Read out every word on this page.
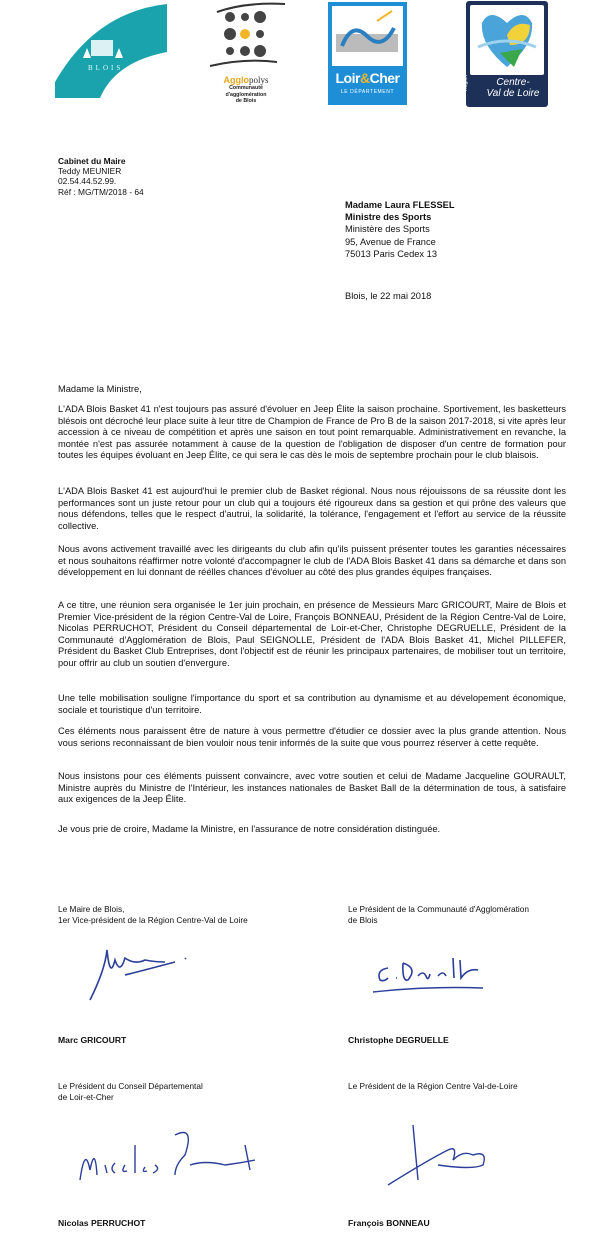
BLOIS
Agglopolys
Communauté
d'agglomération
de Blois
Loir&Cher
LE DÉPARTEMENT
Région	Centre-
Val de Loire
Cabinet du Maire
Teddy MEUNIER
02.54.44.52.99.
Réf : MG/TM/2018 - 64
Madame Laura FLESSEL
Ministre des Sports
Ministère des Sports
95, Avenue de France
75013 Paris Cedex 13
Blois, le 22 mai 2018
Madame la Ministre,

L'ADA Blois Basket 41 n'est toujours pas assuré d'évoluer en Jeep Élite la saison prochaine. Sportivement, les basketteurs blésois ont décroché leur place suite à leur titre de Champion de France de Pro B de la saison 2017-2018, si vite après leur accession à ce niveau de compétition et après une saison en tout point remarquable. Administrativement en revanche, la montée n'est pas assurée notamment à cause de la question de l'obligation de disposer d'un centre de formation pour toutes les équipes évoluant en Jeep Élite, ce qui sera le cas dès le mois de septembre prochain pour le club blaisois.

L'ADA Blois Basket 41 est aujourd'hui le premier club de Basket régional. Nous nous réjouissons de sa réussite dont les performances sont un juste retour pour un club qui a toujours été rigoureux dans sa gestion et qui prône des valeurs que nous défendons, telles que le respect d'autrui, la solidarité, la tolérance, l'engagement et l'effort au service de la réussite collective.

Nous avons activement travaillé avec les dirigeants du club afin qu'ils puissent présenter toutes les garanties nécessaires et nous souhaitons réaffirmer notre volonté d'accompagner le club de l'ADA Blois Basket 41 dans sa démarche et dans son développement en lui donnant de réélles chances d'évoluer au côté des plus grandes équipes françaises.

A ce titre, une réunion sera organisée le 1er juin prochain, en présence de Messieurs Marc GRICOURT, Maire de Blois et Premier Vice-président de la région Centre-Val de Loire, François BONNEAU, Président de la Région Centre-Val de Loire, Nicolas PERRUCHOT, Président du Conseil départemental de Loir-et-Cher, Christophe DEGRUELLE, Président de la Communauté d'Agglomération de Blois, Paul SEIGNOLLE, Président de l'ADA Blois Basket 41, Michel PILLEFER, Président du Basket Club Entreprises, dont l'objectif est de réunir les principaux partenaires, de mobiliser tout un territoire, pour offrir au club un soutien d'envergure.

Une telle mobilisation souligne l'importance du sport et sa contribution au dynamisme et au dévelopement économique, sociale et touristique d'un territoire.

Ces éléments nous paraissent être de nature à vous permettre d'étudier ce dossier avec la plus grande attention. Nous vous serions reconnaissant de bien vouloir nous tenir informés de la suite que vous pourrez réserver à cette requête.

Nous insistons pour ces éléments puissent convaincre, avec votre soutien et celui de Madame Jacqueline GOURAULT, Ministre auprès du Ministre de l'Intérieur, les instances nationales de Basket Ball de la détermination de tous, à satisfaire aux exigences de la Jeep Élite.

Je vous prie de croire, Madame la Ministre, en l'assurance de notre considération distinguée.

Le Maire de Blois,
1er Vice-président de la Région Centre-Val de Loire
Marc GRICOURT
Le Président de la Communauté d'Agglomération
de Blois
Christophe DEGRUELLE
Le Président du Conseil Départemental
de Loir-et-Cher
Nicolas PERRUCHOT
Le Président de la Région Centre Val-de-Loire
François BONNEAU
